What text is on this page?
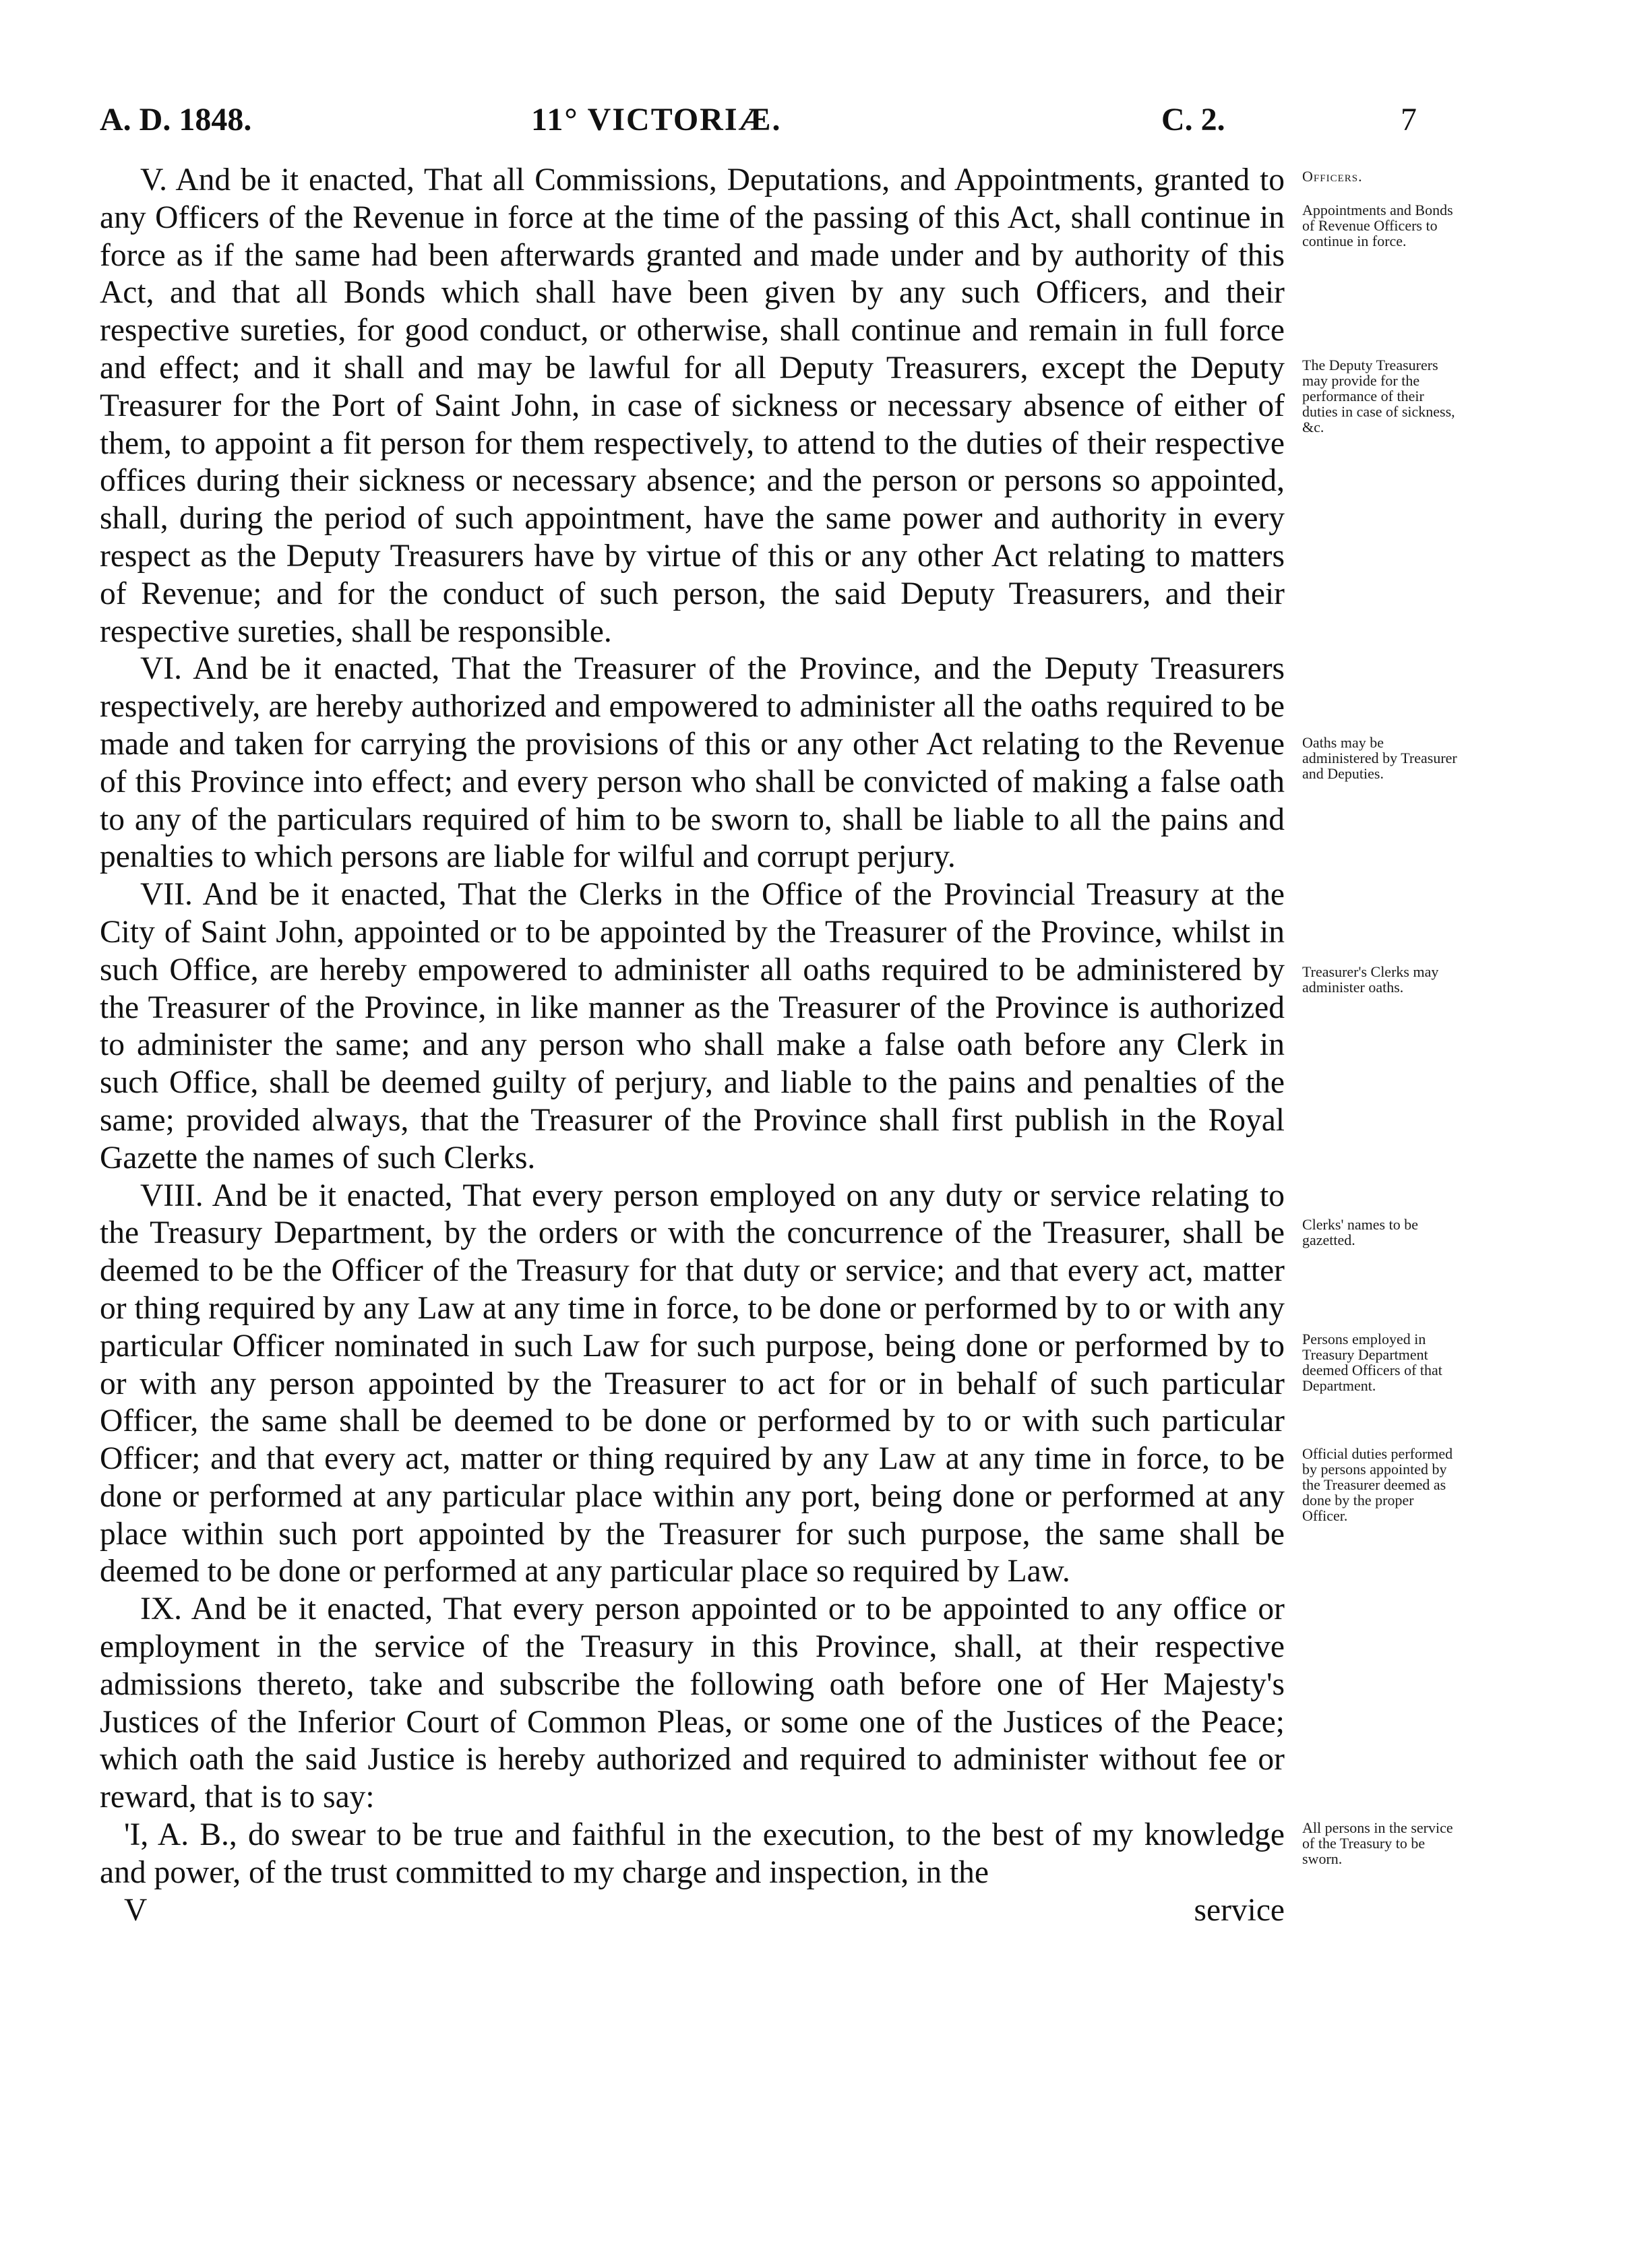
A. D. 1848.	11° VICTORIÆ.	C. 2.	7

V. And be it enacted, That all Commissions, Deputations, and Appointments, granted to any Officers of the Revenue in force at the time of the passing of this Act, shall continue in force as if the same had been afterwards granted and made under and by authority of this Act, and that all Bonds which shall have been given by any such Officers, and their respective sureties, for good conduct, or otherwise, shall continue and remain in full force and effect; and it shall and may be lawful for all Deputy Treasurers, except the Deputy Treasurer for the Port of Saint John, in case of sickness or necessary absence of either of them, to appoint a fit person for them respectively, to attend to the duties of their respective offices during their sickness or necessary absence; and the person or persons so appointed, shall, during the period of such appointment, have the same power and authority in every respect as the Deputy Treasurers have by virtue of this or any other Act relating to matters of Revenue; and for the conduct of such person, the said Deputy Treasurers, and their respective sureties, shall be responsible.

VI. And be it enacted, That the Treasurer of the Province, and the Deputy Treasurers respectively, are hereby authorized and empowered to administer all the oaths required to be made and taken for carrying the provisions of this or any other Act relating to the Revenue of this Province into effect; and every person who shall be convicted of making a false oath to any of the particulars required of him to be sworn to, shall be liable to all the pains and penalties to which persons are liable for wilful and corrupt perjury.

VII. And be it enacted, That the Clerks in the Office of the Provincial Treasury at the City of Saint John, appointed or to be appointed by the Treasurer of the Province, whilst in such Office, are hereby empowered to administer all oaths required to be administered by the Treasurer of the Province, in like manner as the Treasurer of the Province is authorized to administer the same; and any person who shall make a false oath before any Clerk in such Office, shall be deemed guilty of perjury, and liable to the pains and penalties of the same; provided always, that the Treasurer of the Province shall first publish in the Royal Gazette the names of such Clerks.

VIII. And be it enacted, That every person employed on any duty or service relating to the Treasury Department, by the orders or with the concurrence of the Treasurer, shall be deemed to be the Officer of the Treasury for that duty or service; and that every act, matter or thing required by any Law at any time in force, to be done or performed by to or with any particular Officer nominated in such Law for such purpose, being done or performed by to or with any person appointed by the Treasurer to act for or in behalf of such particular Officer, the same shall be deemed to be done or performed by to or with such particular Officer; and that every act, matter or thing required by any Law at any time in force, to be done or performed at any particular place within any port, being done or performed at any place within such port appointed by the Treasurer for such purpose, the same shall be deemed to be done or performed at any particular place so required by Law.

IX. And be it enacted, That every person appointed or to be appointed to any office or employment in the service of the Treasury in this Province, shall, at their respective admissions thereto, take and subscribe the following oath before one of Her Majesty's Justices of the Inferior Court of Common Pleas, or some one of the Justices of the Peace; which oath the said Justice is hereby authorized and required to administer without fee or reward, that is to say:

'I, A. B., do swear to be true and faithful in the execution, to the best of my knowledge and power, of the trust committed to my charge and inspection, in the

V	service
Officers.
Appointments and Bonds of Revenue Officers to continue in force.
The Deputy Treasurers may provide for the performance of their duties in case of sickness, &c.
Oaths may be administered by Treasurer and Deputies.
Treasurer's Clerks may administer oaths.
Clerks' names to be gazetted.
Persons employed in Treasury Department deemed Officers of that Department.
Official duties performed by persons appointed by the Treasurer deemed as done by the proper Officer.
All persons in the service of the Treasury to be sworn.
